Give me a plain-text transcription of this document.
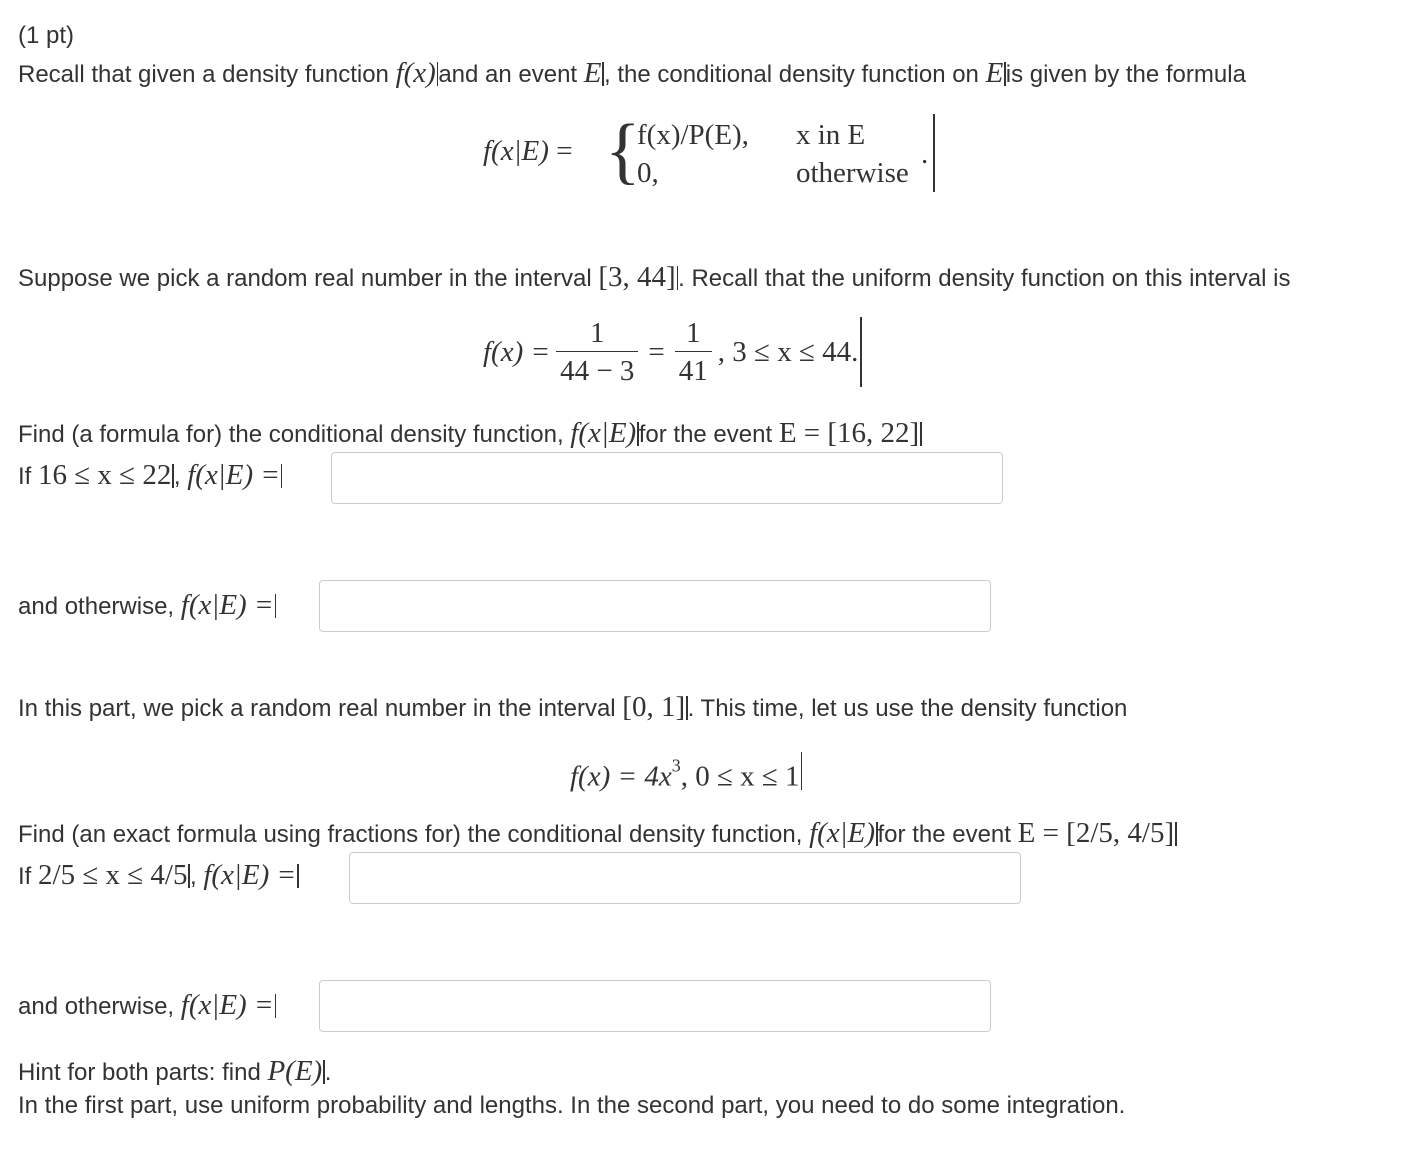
(1 pt)
Recall that given a density function f(x) and an event E , the conditional density function on E is given by the formula
f(x|E) = {
f(x)/P(E), x in E
0,	otherwise
.
Suppose we pick a random real number in the interval [3, 44] . Recall that the uniform density function on this interval is
$f(x) = \frac{1}{44 - 3} = \frac{1}{41}$ , 3 ≤ x ≤ 44.
Find (a formula for) the conditional density function, f(x|E) for the event E = [16, 22]
If 16 ≤ x ≤ 22 , f(x|E) =
and otherwise, f(x|E) =
In this part, we pick a random real number in the interval [0, 1] . This time, let us use the density function
$f(x) = 4x^3$, 0 ≤ x ≤ 1
Find (an exact formula using fractions for) the conditional density function, f(x|E) for the event E = [2/5, 4/5]
If 2/5 ≤ x ≤ 4/5 , f(x|E) =
and otherwise, f(x|E) =
Hint for both parts: find P(E) .
In the first part, use uniform probability and lengths. In the second part, you need to do some integration.
